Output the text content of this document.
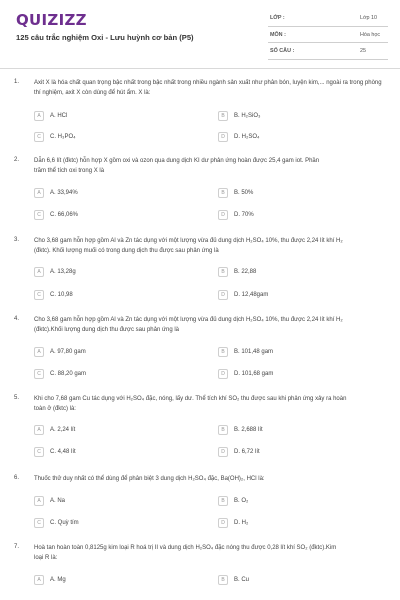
QUIZIZZ
125 câu trắc nghiệm Oxi - Lưu huỳnh cơ bản (P5)
LỚP :	Lớp 10
MÔN :	Hóa học
SỐ CÂU :	25
1. Axit X là hóa chất quan trọng bậc nhất trong bậc nhất trong nhiều ngành sản xuất như phân bón, luyện kim,... ngoài ra trong phòng
thí nghiệm, axit X còn dùng để hút ẩm. X là:
A	A. HCl	B	B. H₂SiO₃
C	C. H₃PO₄	D	D. H₂SO₄
2. Dẫn 6,6 lít (đktc) hỗn hợp X gồm oxi và ozon qua dung dịch KI dư phản ứng hoàn được 25,4 gam iot. Phần
trăm thể tích oxi trong X là
A	A. 33,94%	B	B. 50%
C	C. 66,06%	D	D. 70%
3. Cho 3,68 gam hỗn hợp gồm Al và Zn tác dụng với một lượng vừa đủ dung dịch H₂SO₄ 10%, thu được 2,24 lít khí H₂
(đktc). Khối lượng muối có trong dung dịch thu được sau phản ứng là
A	A. 13,28g	B	B. 22,88
C	C. 10,98	D	D. 12,48gam
4. Cho 3,68 gam hỗn hợp gồm Al và Zn tác dụng với một lượng vừa đủ dung dịch H₂SO₄ 10%, thu được 2,24 lít khí H₂
(đktc).Khối lượng dung dịch thu được sau phản ứng là
A	A. 97,80 gam	B	B. 101,48 gam
C	C. 88,20 gam	D	D. 101,68 gam
5. Khi cho 7,68 gam Cu tác dụng với H₂SO₄ đặc, nóng, lấy dư. Thể tích khí SO₂ thu được sau khi phản ứng xảy ra hoàn
toàn ở (đktc) là:
A	A. 2,24 lít	B	B. 2,688 lít
C	C. 4,48 lít	D	D. 6,72 lít
6. Thuốc thử duy nhất có thể dùng để phân biệt 3 dung dịch H₂SO₄ đặc, Ba(OH)₂, HCl là:
A	A. Na	B	B. O₂
C	C. Quỳ tím	D	D. H₂
7. Hoà tan hoàn toàn 0,8125g kim loại R hoá trị II và dung dịch H₂SO₄ đặc nóng thu được 0,28 lít khí SO₂ (đktc).Kim
loại R là:
A	A. Mg	B	B. Cu
